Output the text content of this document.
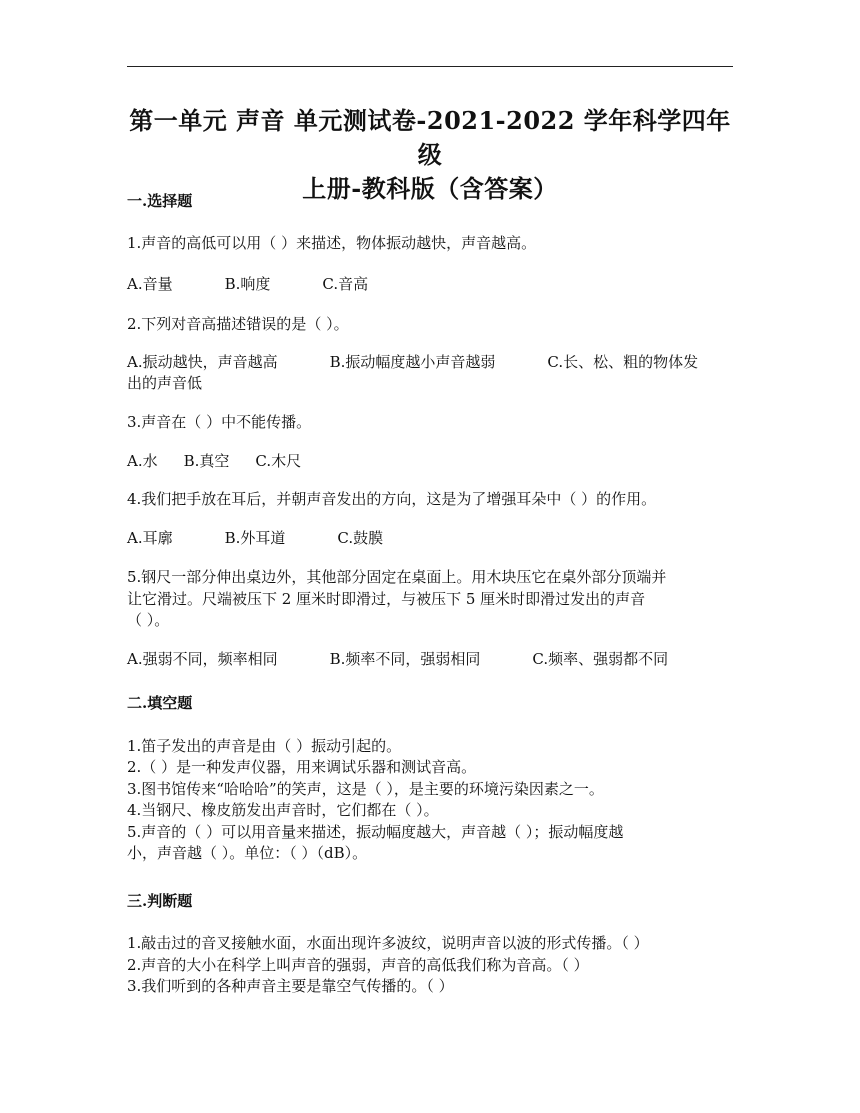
第一单元 声音 单元测试卷-2021-2022 学年科学四年级
上册-教科版（含答案）
一.选择题
1.声音的高低可以用（ ）来描述，物体振动越快，声音越高。
A.音量	B.响度	C.音高
2.下列对音高描述错误的是（ ）。
A.振动越快，声音越高	B.振动幅度越小声音越弱	C.长、松、粗的物体发
出的声音低
3.声音在（ ）中不能传播。
A.水 B.真空 C.木尺
4.我们把手放在耳后，并朝声音发出的方向，这是为了增强耳朵中（ ）的作用。
A.耳廓	B.外耳道	C.鼓膜
5.钢尺一部分伸出桌边外，其他部分固定在桌面上。用木块压它在桌外部分顶端并
让它滑过。尺端被压下 2 厘米时即滑过，与被压下 5 厘米时即滑过发出的声音
（ ）。
A.强弱不同，频率相同	B.频率不同，强弱相同	C.频率、强弱都不同
二.填空题
1.笛子发出的声音是由（ ）振动引起的。
2.（ ）是一种发声仪器，用来调试乐器和测试音高。
3.图书馆传来“哈哈哈”的笑声，这是（ ），是主要的环境污染因素之一。
4.当钢尺、橡皮筋发出声音时，它们都在（ ）。
5.声音的（ ）可以用音量来描述，振动幅度越大，声音越（ ）；振动幅度越
小，声音越（ ）。单位：（ ）（dB）。
三.判断题
1.敲击过的音叉接触水面，水面出现许多波纹，说明声音以波的形式传播。（ ）
2.声音的大小在科学上叫声音的强弱，声音的高低我们称为音高。（ ）
3.我们听到的各种声音主要是靠空气传播的。（ ）
